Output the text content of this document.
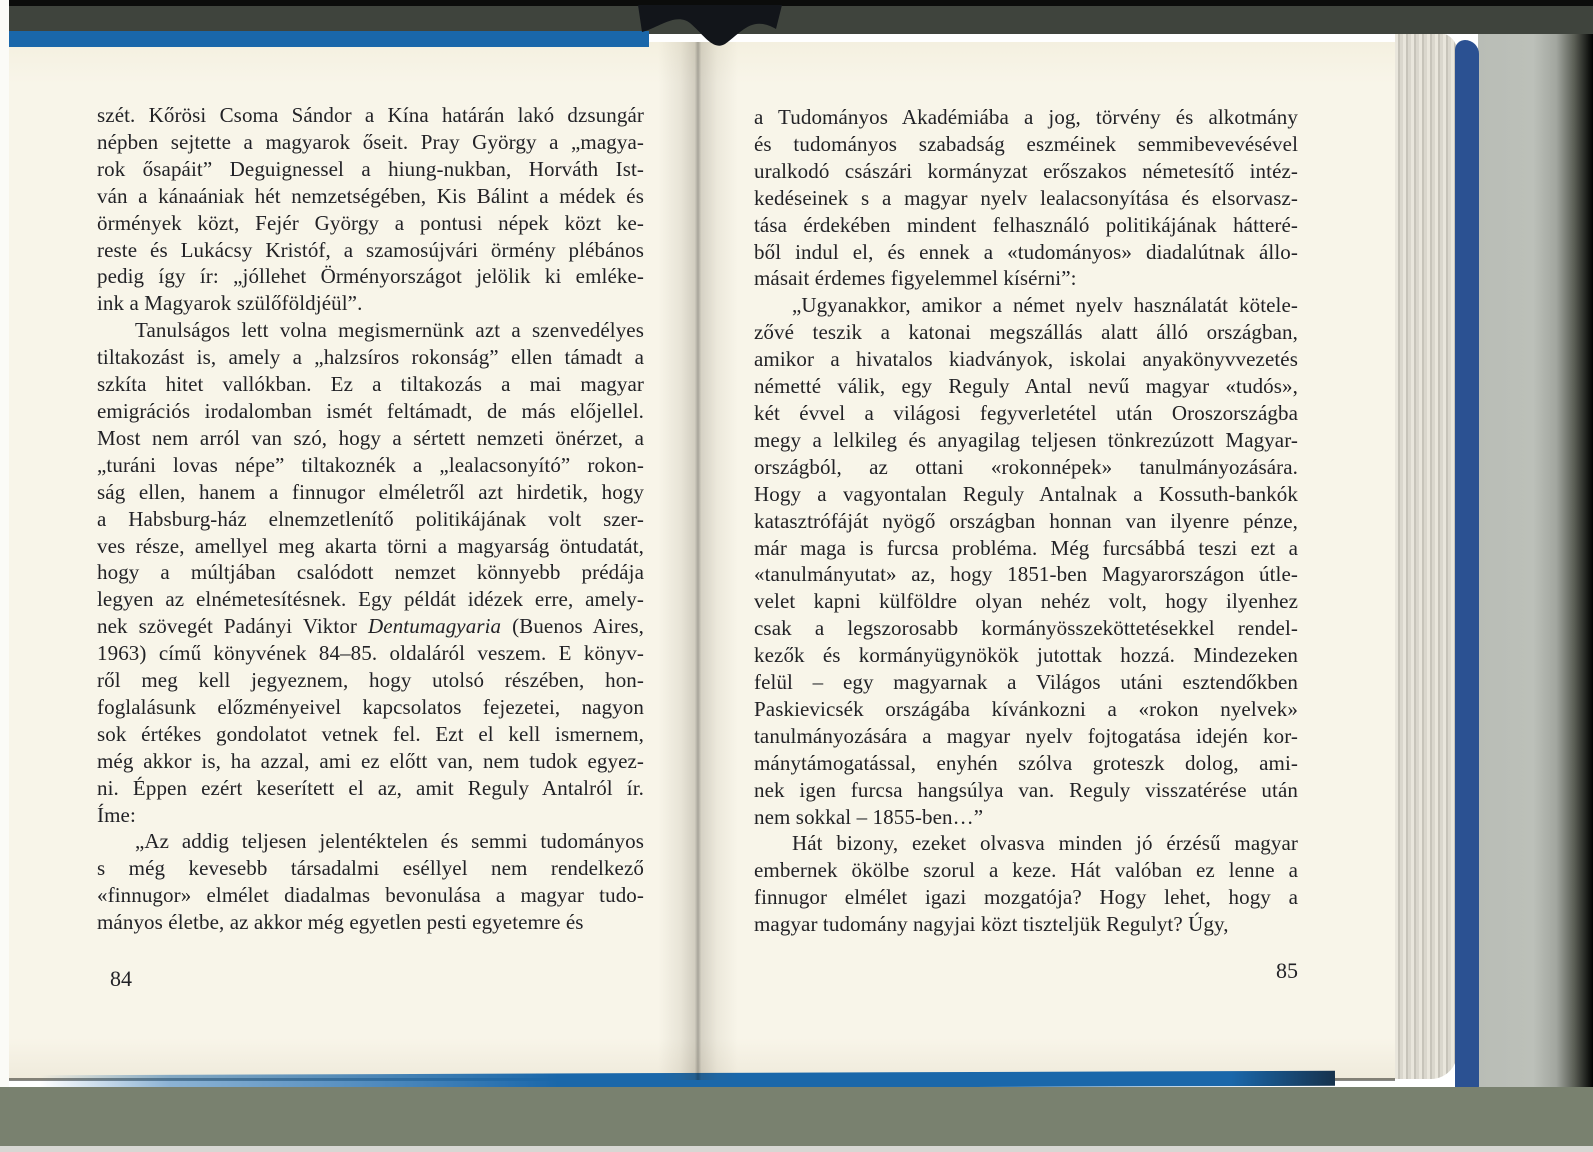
szét. Kőrösi Csoma Sándor a Kína határán lakó dzsungár
népben sejtette a magyarok őseit. Pray György a „magya-
rok ősapáit” Deguignessel a hiung-nukban, Horváth Ist-
ván a kánaániak hét nemzetségében, Kis Bálint a médek és
örmények közt, Fejér György a pontusi népek közt ke-
reste és Lukácsy Kristóf, a szamosújvári örmény plébános
pedig így ír: „jóllehet Örményországot jelölik ki emléke-
ink a Magyarok szülőföldjéül”.
Tanulságos lett volna megismernünk azt a szenvedélyes
tiltakozást is, amely a „halzsíros rokonság” ellen támadt a
szkíta hitet vallókban. Ez a tiltakozás a mai magyar
emigrációs irodalomban ismét feltámadt, de más előjellel.
Most nem arról van szó, hogy a sértett nemzeti önérzet, a
„turáni lovas népe” tiltakoznék a „lealacsonyító” rokon-
ság ellen, hanem a finnugor elméletről azt hirdetik, hogy
a Habsburg-ház elnemzetlenítő politikájának volt szer-
ves része, amellyel meg akarta törni a magyarság öntudatát,
hogy a múltjában csalódott nemzet könnyebb prédája
legyen az elnémetesítésnek. Egy példát idézek erre, amely-
nek szövegét Padányi Viktor Dentumagyaria (Buenos Aires,
1963) című könyvének 84–85. oldaláról veszem. E könyv-
ről meg kell jegyeznem, hogy utolsó részében, hon-
foglalásunk előzményeivel kapcsolatos fejezetei, nagyon
sok értékes gondolatot vetnek fel. Ezt el kell ismernem,
még akkor is, ha azzal, ami ez előtt van, nem tudok egyez-
ni. Éppen ezért keserített el az, amit Reguly Antalról ír.
Íme:
„Az addig teljesen jelentéktelen és semmi tudományos
s még kevesebb társadalmi eséllyel nem rendelkező
«finnugor» elmélet diadalmas bevonulása a magyar tudo-
mányos életbe, az akkor még egyetlen pesti egyetemre és
84
a Tudományos Akadémiába a jog, törvény és alkotmány
és tudományos szabadság eszméinek semmibevevésével
uralkodó császári kormányzat erőszakos németesítő intéz-
kedéseinek s a magyar nyelv lealacsonyítása és elsorvasz-
tása érdekében mindent felhasználó politikájának hátteré-
ből indul el, és ennek a «tudományos» diadalútnak állo-
másait érdemes figyelemmel kísérni”:
„Ugyanakkor, amikor a német nyelv használatát kötele-
zővé teszik a katonai megszállás alatt álló országban,
amikor a hivatalos kiadványok, iskolai anyakönyvvezetés
németté válik, egy Reguly Antal nevű magyar «tudós»,
két évvel a világosi fegyverletétel után Oroszországba
megy a lelkileg és anyagilag teljesen tönkrezúzott Magyar-
országból, az ottani «rokonnépek» tanulmányozására.
Hogy a vagyontalan Reguly Antalnak a Kossuth-bankók
katasztrófáját nyögő országban honnan van ilyenre pénze,
már maga is furcsa probléma. Még furcsábbá teszi ezt a
«tanulmányutat» az, hogy 1851-ben Magyarországon útle-
velet kapni külföldre olyan nehéz volt, hogy ilyenhez
csak a legszorosabb kormányösszeköttetésekkel rendel-
kezők és kormányügynökök jutottak hozzá. Mindezeken
felül – egy magyarnak a Világos utáni esztendőkben
Paskievicsék országába kívánkozni a «rokon nyelvek»
tanulmányozására a magyar nyelv fojtogatása idején kor-
mánytámogatással, enyhén szólva groteszk dolog, ami-
nek igen furcsa hangsúlya van. Reguly visszatérése után
nem sokkal – 1855-ben…”
Hát bizony, ezeket olvasva minden jó érzésű magyar
embernek ökölbe szorul a keze. Hát valóban ez lenne a
finnugor elmélet igazi mozgatója? Hogy lehet, hogy a
magyar tudomány nagyjai közt tiszteljük Regulyt? Úgy,
85
